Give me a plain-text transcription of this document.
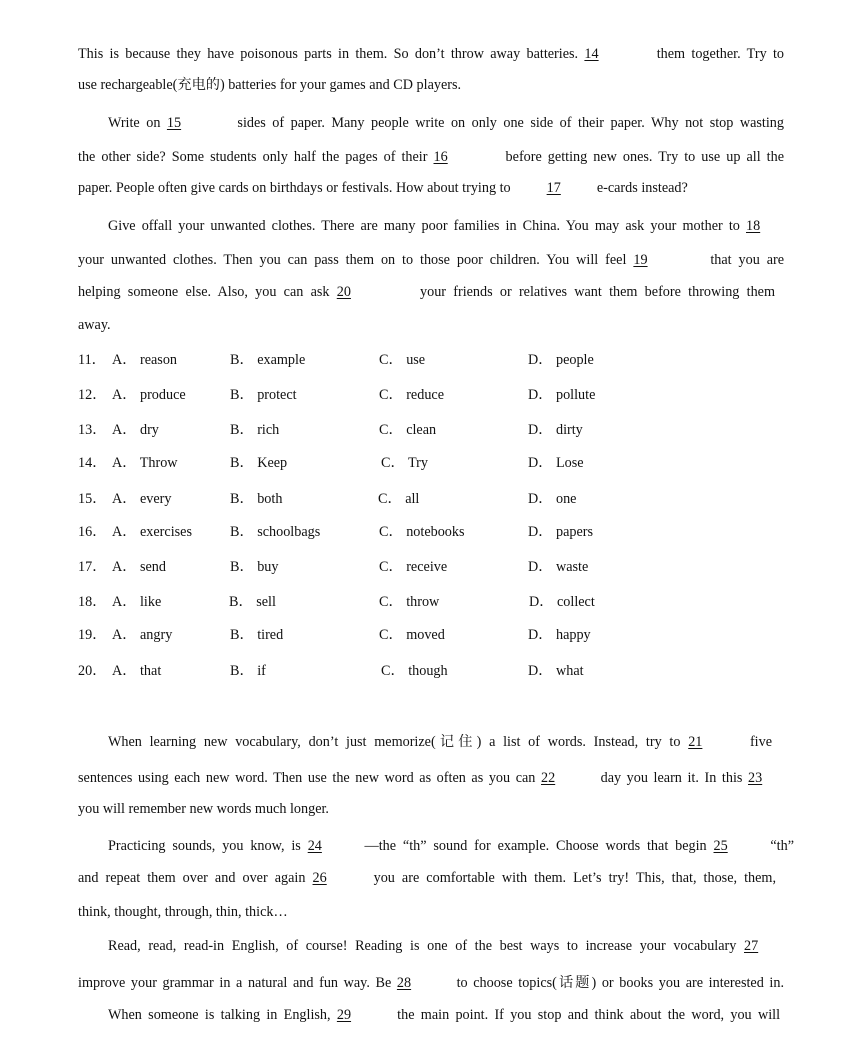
This is because they have poisonous parts in them. So don’t throw away batteries. 14	them together. Try to
use rechargeable(充电的) batteries for your games and CD players.
Write on 15	sides of paper. Many people write on only one side of their paper. Why not stop wasting
the other side? Some students only half the pages of their 16	before getting new ones. Try to use up all the
paper. People often give cards on birthdays or festivals. How about trying to	17	e-cards instead?
Give offall your unwanted clothes. There are many poor families in China. You may ask your mother to 18
your unwanted clothes. Then you can pass them on to those poor children. You will feel 19	that you are
helping someone else. Also, you can ask 20	your friends or relatives want them before throwing them
away.
11． A． reason	B． example	C． use	D． people
12． A． produce	B． protect	C． reduce	D． pollute
13． A． dry	B． rich	C． clean	D． dirty
14． A． Throw	B． Keep	C． Try	D． Lose
15． A． every	B． both	C． all	D． one
16． A． exercises	B． schoolbags	C． notebooks	D． papers
17． A． send	B． buy	C． receive	D． waste
18． A． like	B． sell	C． throw	D． collect
19． A． angry	B． tired	C． moved	D． happy
20． A． that	B． if	C． though	D． what
When learning new vocabulary, don’t just memorize(记住) a list of words. Instead, try to 21	five
sentences using each new word. Then use the new word as often as you can 22	day you learn it. In this 23
you will remember new words much longer.
Practicing sounds, you know, is 24	—the “th” sound for example. Choose words that begin 25	“th”
and repeat them over and over again 26	you are comfortable with them. Let’s try! This, that, those, them,
think, thought, through, thin, thick…
Read, read, read-in English, of course! Reading is one of the best ways to increase your vocabulary 27
improve your grammar in a natural and fun way. Be 28	to choose topics(话题) or books you are interested in.
When someone is talking in English, 29	the main point. If you stop and think about the word, you will
